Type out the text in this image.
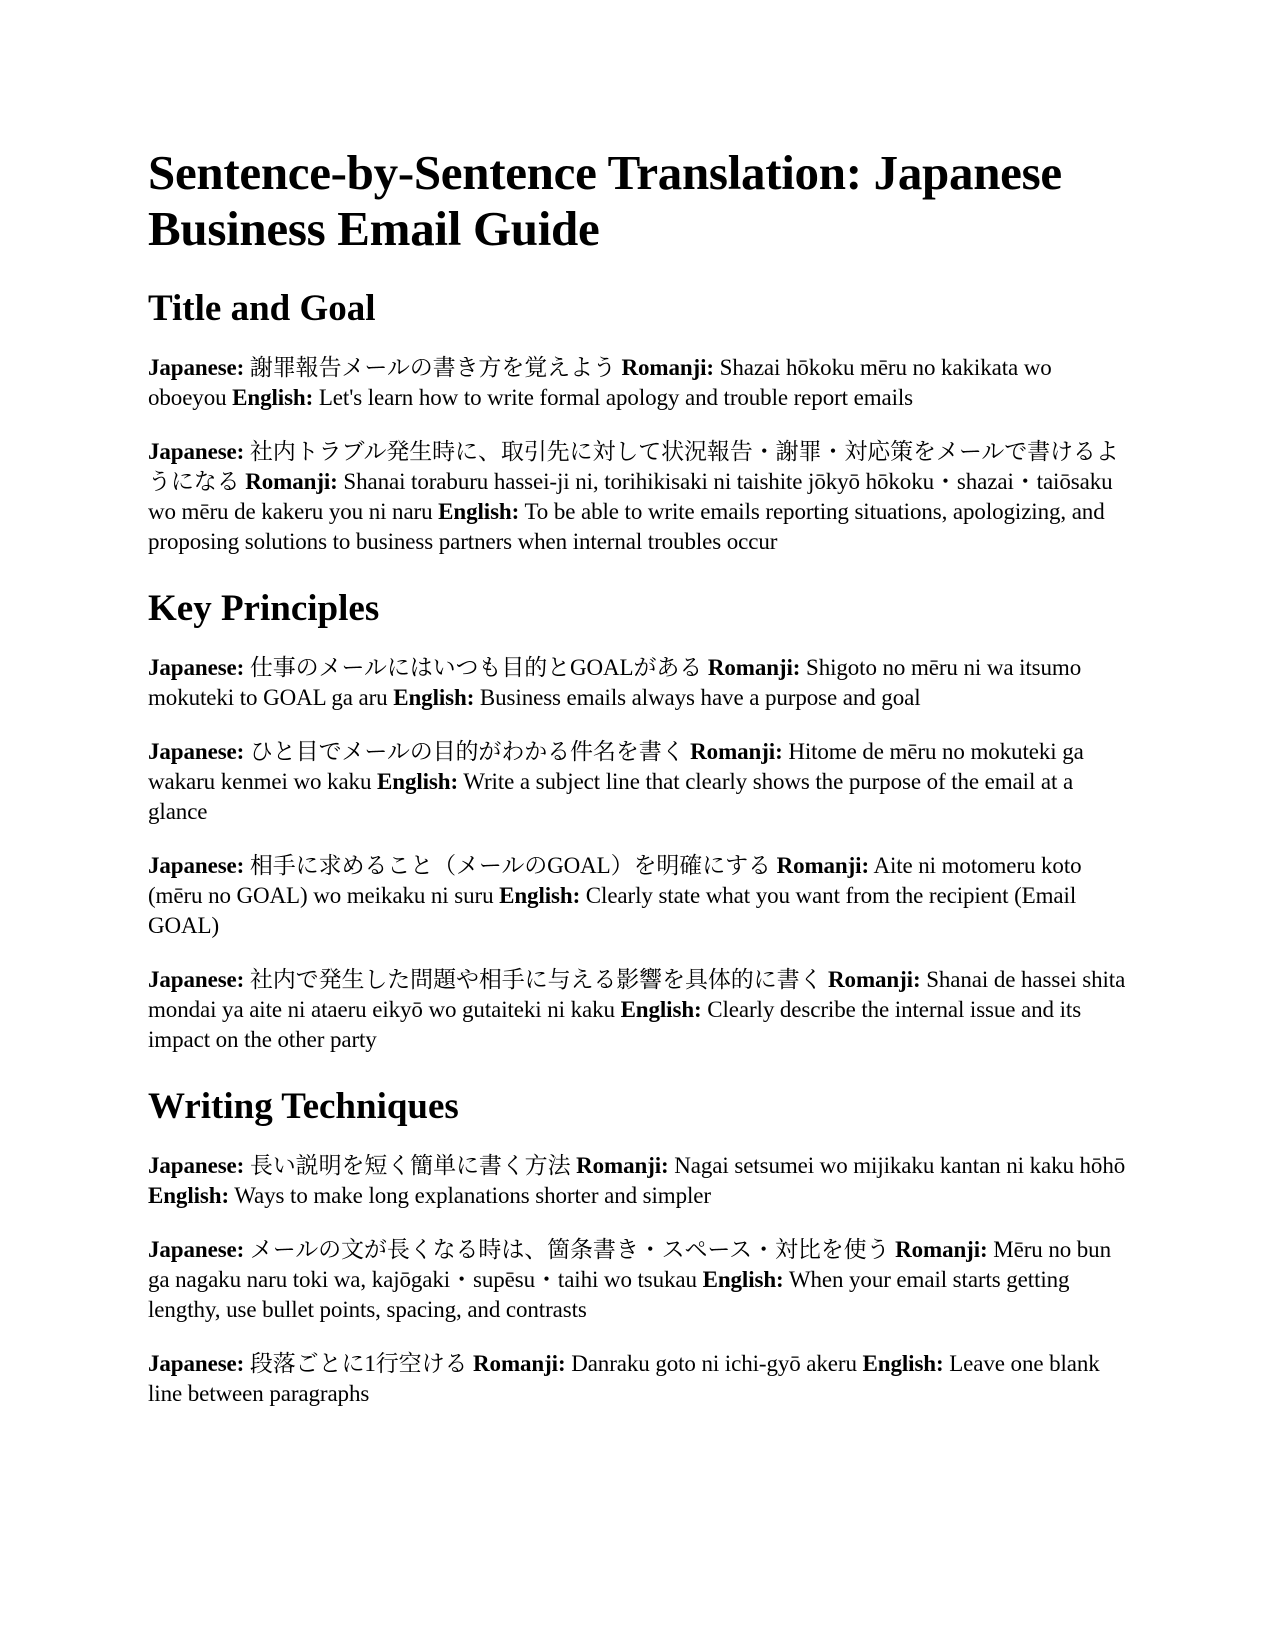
Sentence-by-Sentence Translation: Japanese Business Email Guide
Title and Goal

Japanese: 謝罪報告メールの書き方を覚えよう Romanji: Shazai hōkoku mēru no kakikata wo oboeyou English: Let's learn how to write formal apology and trouble report emails

Japanese: 社内トラブル発生時に、取引先に対して状況報告・謝罪・対応策をメールで書けるようになる Romanji: Shanai toraburu hassei-ji ni, torihikisaki ni taishite jōkyō hōkoku・shazai・taiōsaku wo mēru de kakeru you ni naru English: To be able to write emails reporting situations, apologizing, and proposing solutions to business partners when internal troubles occur

Key Principles

Japanese: 仕事のメールにはいつも目的とGOALがある Romanji: Shigoto no mēru ni wa itsumo mokuteki to GOAL ga aru English: Business emails always have a purpose and goal

Japanese: ひと目でメールの目的がわかる件名を書く Romanji: Hitome de mēru no mokuteki ga wakaru kenmei wo kaku English: Write a subject line that clearly shows the purpose of the email at a glance

Japanese: 相手に求めること（メールのGOAL）を明確にする Romanji: Aite ni motomeru koto (mēru no GOAL) wo meikaku ni suru English: Clearly state what you want from the recipient (Email GOAL)

Japanese: 社内で発生した問題や相手に与える影響を具体的に書く Romanji: Shanai de hassei shita mondai ya aite ni ataeru eikyō wo gutaiteki ni kaku English: Clearly describe the internal issue and its impact on the other party

Writing Techniques

Japanese: 長い説明を短く簡単に書く方法 Romanji: Nagai setsumei wo mijikaku kantan ni kaku hōhō English: Ways to make long explanations shorter and simpler

Japanese: メールの文が長くなる時は、箇条書き・スペース・対比を使う Romanji: Mēru no bun ga nagaku naru toki wa, kajōgaki・supēsu・taihi wo tsukau English: When your email starts getting lengthy, use bullet points, spacing, and contrasts

Japanese: 段落ごとに1行空ける Romanji: Danraku goto ni ichi-gyō akeru English: Leave one blank line between paragraphs
